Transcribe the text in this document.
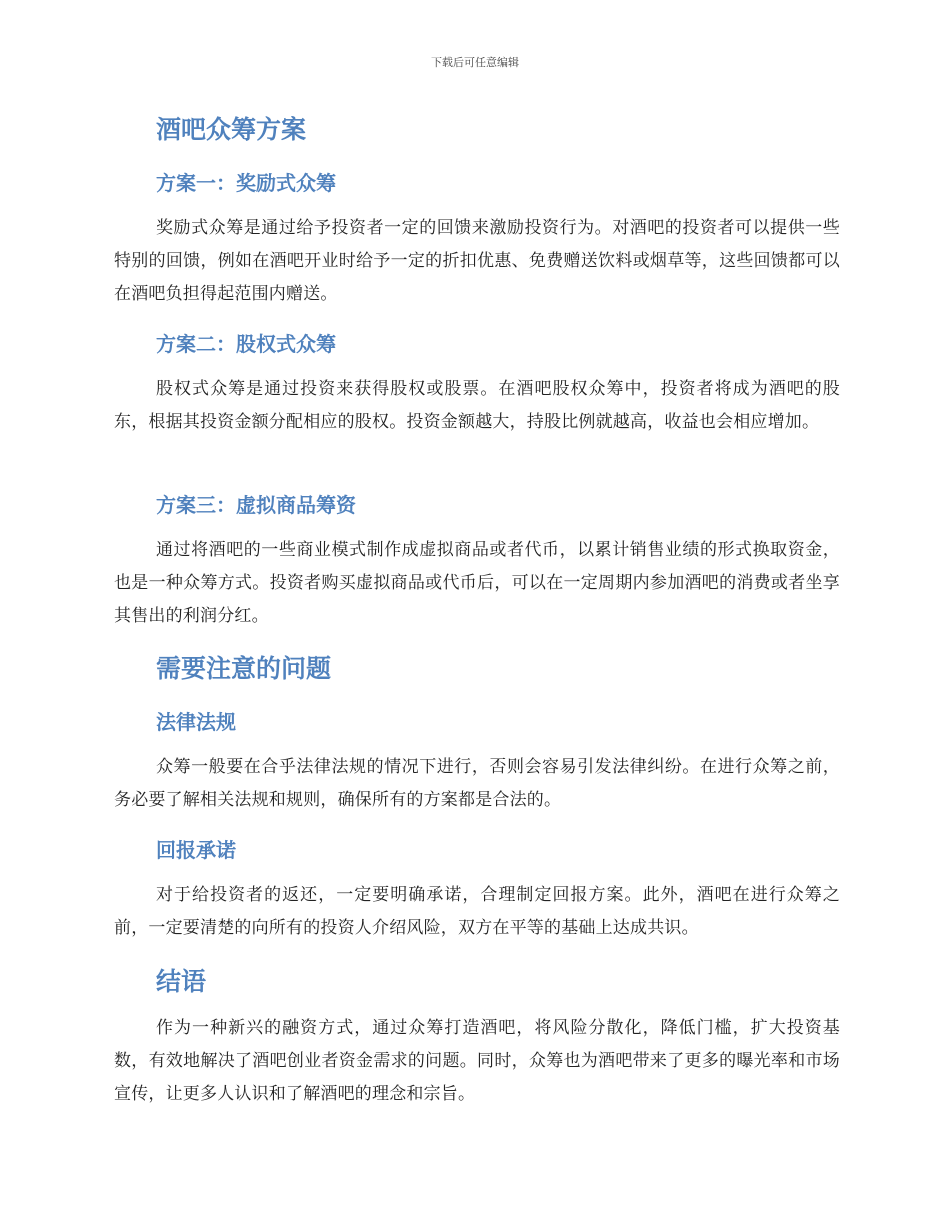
下载后可任意编辑
酒吧众筹方案
方案一：奖励式众筹
奖励式众筹是通过给予投资者一定的回馈来激励投资行为。对酒吧的投资者可以提供一些特别的回馈，例如在酒吧开业时给予一定的折扣优惠、免费赠送饮料或烟草等，这些回馈都可以在酒吧负担得起范围内赠送。
方案二：股权式众筹
股权式众筹是通过投资来获得股权或股票。在酒吧股权众筹中，投资者将成为酒吧的股东，根据其投资金额分配相应的股权。投资金额越大，持股比例就越高，收益也会相应增加。
方案三：虚拟商品筹资
通过将酒吧的一些商业模式制作成虚拟商品或者代币，以累计销售业绩的形式换取资金，也是一种众筹方式。投资者购买虚拟商品或代币后，可以在一定周期内参加酒吧的消费或者坐享其售出的利润分红。
需要注意的问题
法律法规
众筹一般要在合乎法律法规的情况下进行，否则会容易引发法律纠纷。在进行众筹之前，务必要了解相关法规和规则，确保所有的方案都是合法的。
回报承诺
对于给投资者的返还，一定要明确承诺，合理制定回报方案。此外，酒吧在进行众筹之前，一定要清楚的向所有的投资人介绍风险，双方在平等的基础上达成共识。
结语
作为一种新兴的融资方式，通过众筹打造酒吧，将风险分散化，降低门槛，扩大投资基数，有效地解决了酒吧创业者资金需求的问题。同时，众筹也为酒吧带来了更多的曝光率和市场宣传，让更多人认识和了解酒吧的理念和宗旨。
